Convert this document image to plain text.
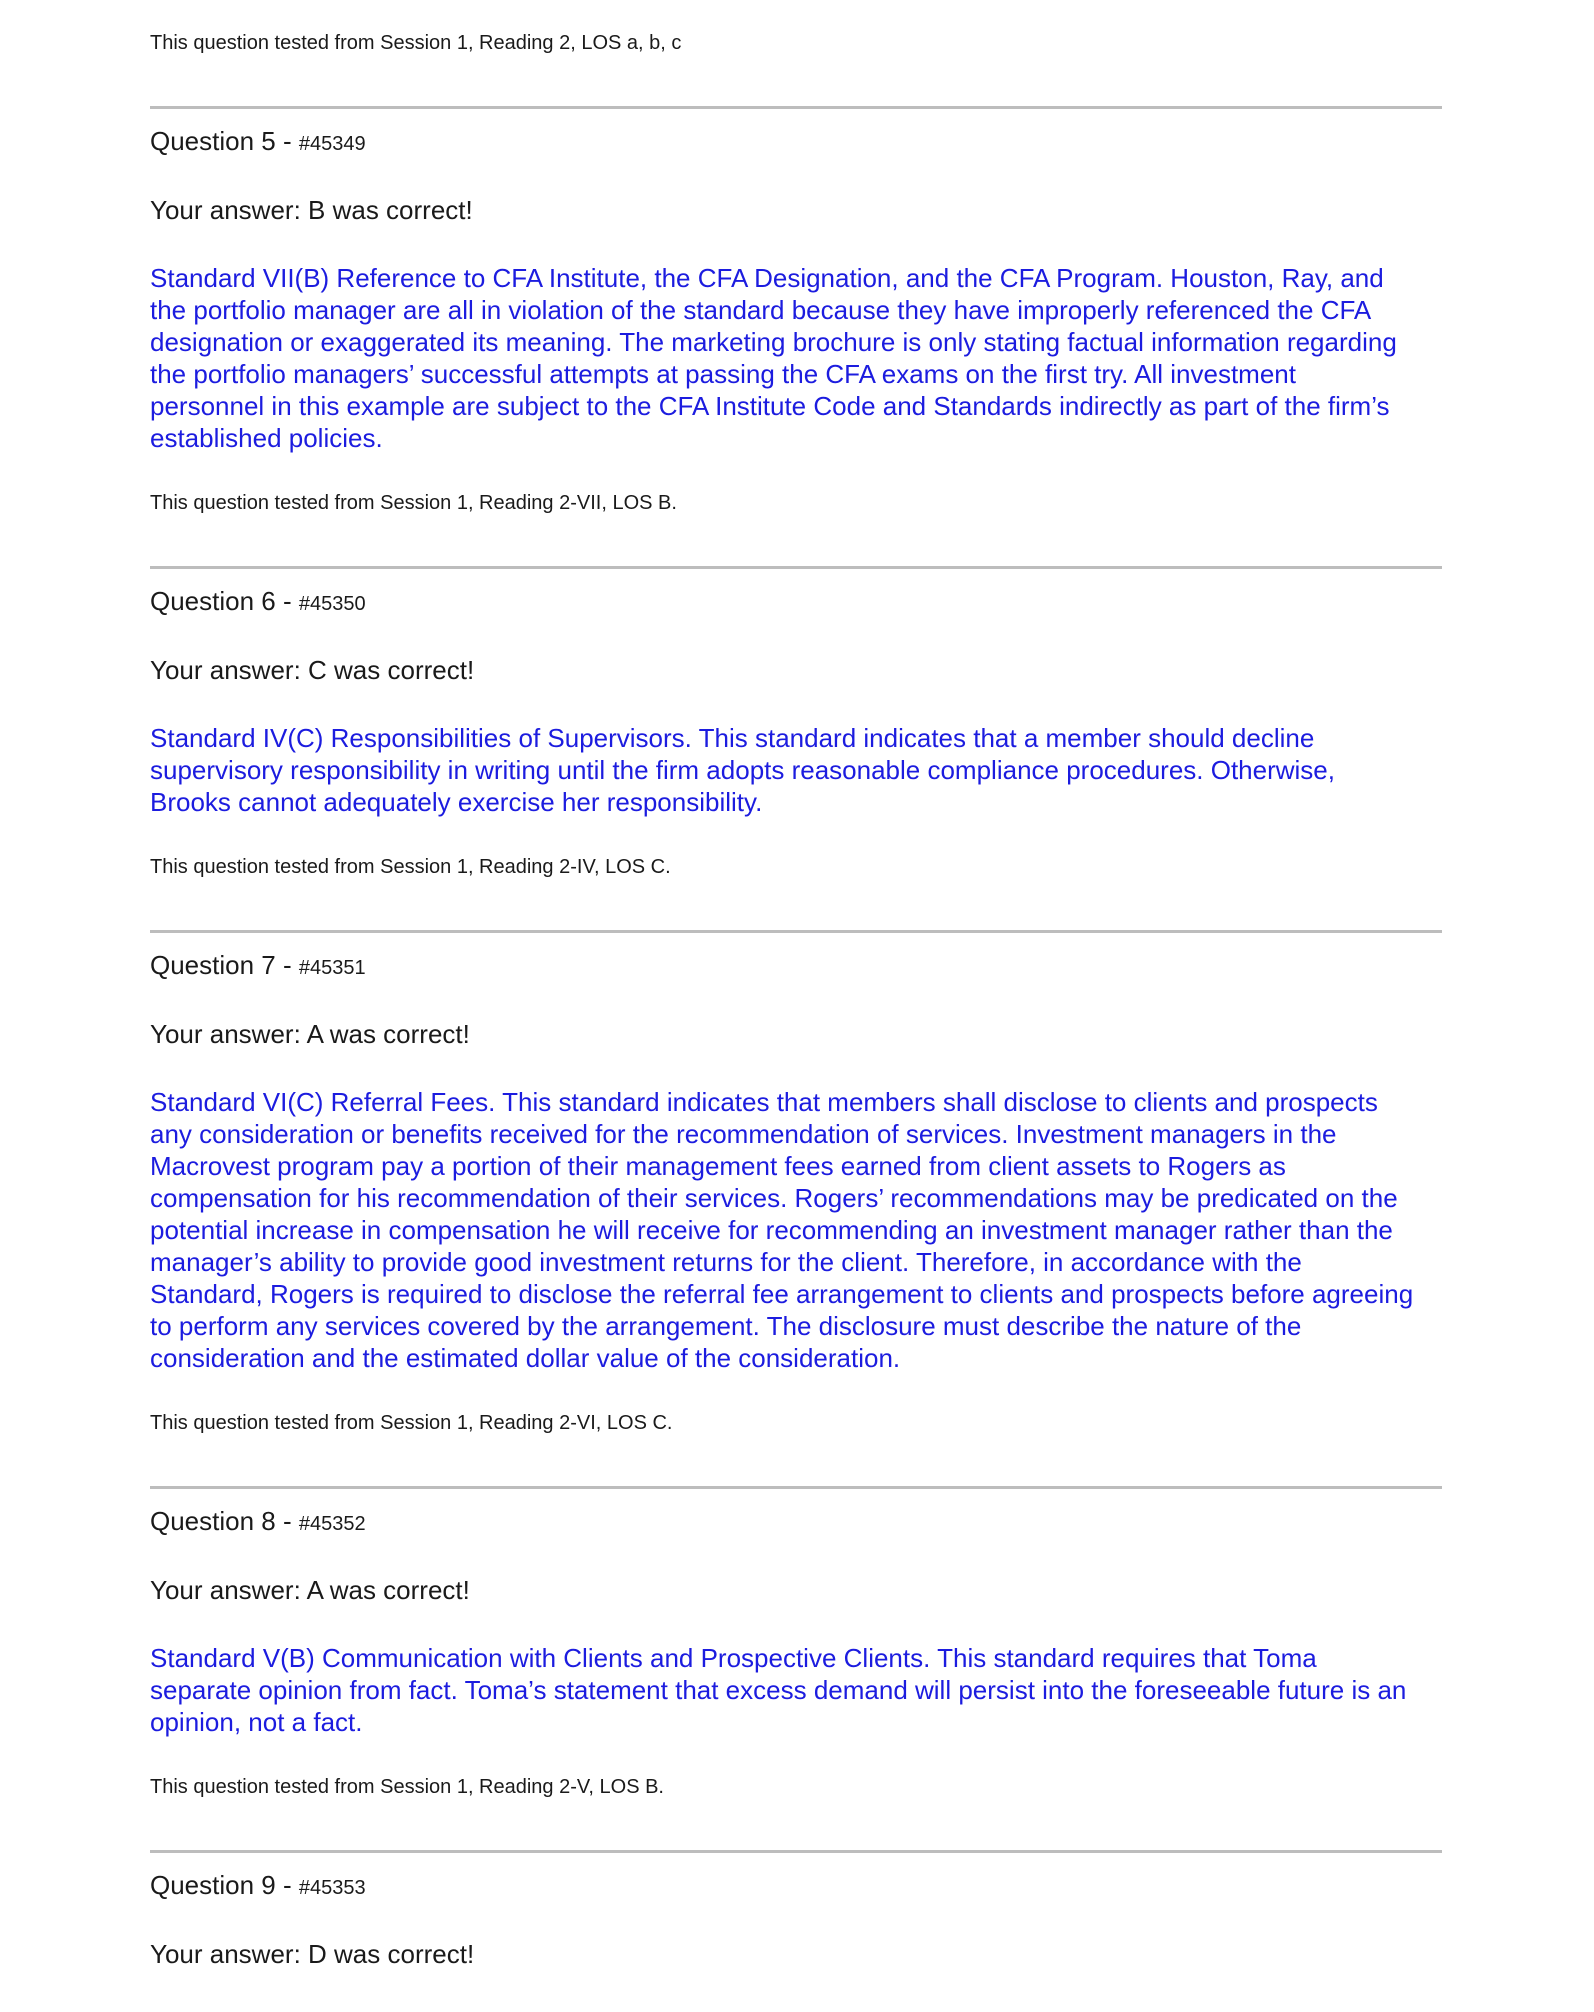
This question tested from Session 1, Reading 2, LOS a, b, c
Question 5 - #45349
Your answer: B was correct!
Standard VII(B) Reference to CFA Institute, the CFA Designation, and the CFA Program. Houston, Ray, and
the portfolio manager are all in violation of the standard because they have improperly referenced the CFA
designation or exaggerated its meaning. The marketing brochure is only stating factual information regarding
the portfolio managers’ successful attempts at passing the CFA exams on the first try. All investment
personnel in this example are subject to the CFA Institute Code and Standards indirectly as part of the firm’s
established policies.
This question tested from Session 1, Reading 2-VII, LOS B.
Question 6 - #45350
Your answer: C was correct!
Standard IV(C) Responsibilities of Supervisors. This standard indicates that a member should decline
supervisory responsibility in writing until the firm adopts reasonable compliance procedures. Otherwise,
Brooks cannot adequately exercise her responsibility.
This question tested from Session 1, Reading 2-IV, LOS C.
Question 7 - #45351
Your answer: A was correct!
Standard VI(C) Referral Fees. This standard indicates that members shall disclose to clients and prospects
any consideration or benefits received for the recommendation of services. Investment managers in the
Macrovest program pay a portion of their management fees earned from client assets to Rogers as
compensation for his recommendation of their services. Rogers’ recommendations may be predicated on the
potential increase in compensation he will receive for recommending an investment manager rather than the
manager’s ability to provide good investment returns for the client. Therefore, in accordance with the
Standard, Rogers is required to disclose the referral fee arrangement to clients and prospects before agreeing
to perform any services covered by the arrangement. The disclosure must describe the nature of the
consideration and the estimated dollar value of the consideration.
This question tested from Session 1, Reading 2-VI, LOS C.
Question 8 - #45352
Your answer: A was correct!
Standard V(B) Communication with Clients and Prospective Clients. This standard requires that Toma
separate opinion from fact. Toma’s statement that excess demand will persist into the foreseeable future is an
opinion, not a fact.
This question tested from Session 1, Reading 2-V, LOS B.
Question 9 - #45353
Your answer: D was correct!
